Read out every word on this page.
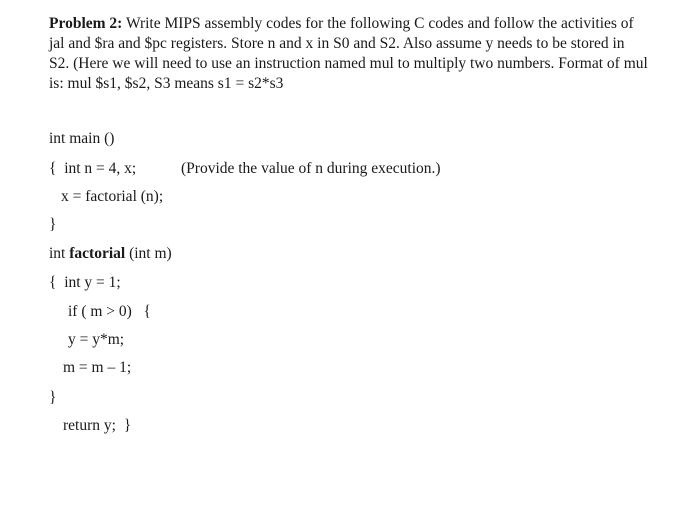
Problem 2: Write MIPS assembly codes for the following C codes and follow the activities of
jal and $ra and $pc registers. Store n and x in S0 and S2. Also assume y needs to be stored in
S2. (Here we will need to use an instruction named mul to multiply two numbers. Format of mul
is: mul $s1, $s2, S3 means s1 = s2*s3
int main ()
{  int n = 4, x;	(Provide the value of n during execution.)
x = factorial (n);
}
int factorial (int m)
{  int y = 1;
if ( m > 0)   {
y = y*m;
m = m – 1;
}
return y;  }
